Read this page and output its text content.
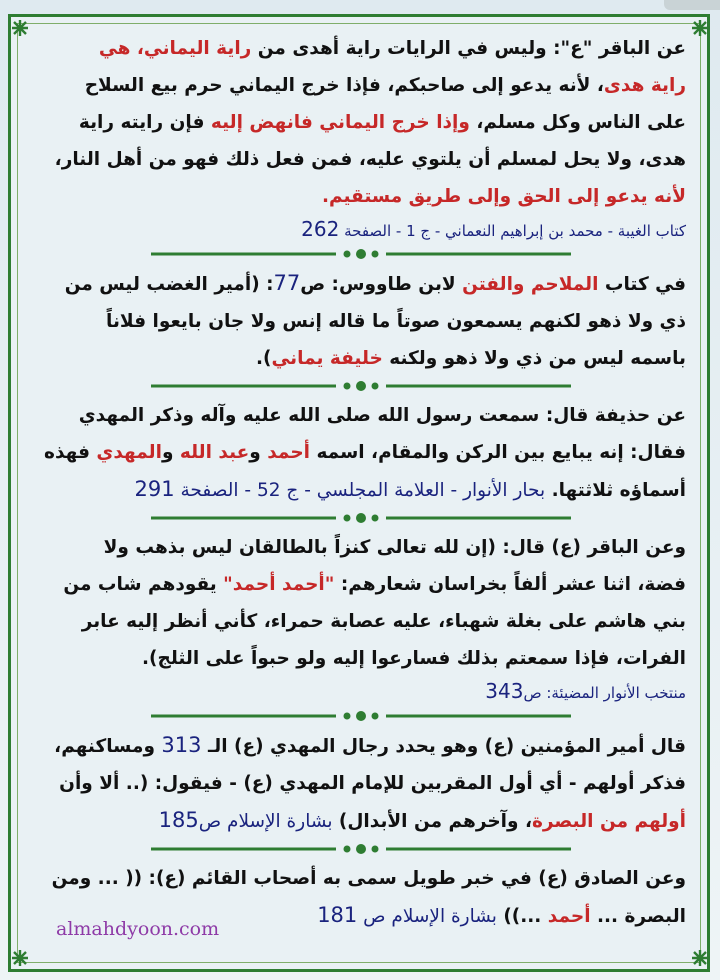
عن الباقر "ع": وليس في الرايات راية أهدى من راية اليماني، هي
راية هدى، لأنه يدعو إلى صاحبكم، فإذا خرج اليماني حرم بيع السلاح
على الناس وكل مسلم، وإذا خرج اليماني فانهض إليه فإن رايته راية
هدى، ولا يحل لمسلم أن يلتوي عليه، فمن فعل ذلك فهو من أهل النار،
لأنه يدعو إلى الحق وإلى طريق مستقيم.
كتاب الغيبة - محمد بن إبراهيم النعماني - ج 1 - الصفحة 262
في كتاب الملاحم والفتن لابن طاووس: ص77: (أمير الغضب ليس من
ذي ولا ذهو لكنهم يسمعون صوتاً ما قاله إنس ولا جان بايعوا فلاناً
باسمه ليس من ذي ولا ذهو ولكنه خليفة يماني).
عن حذيفة قال: سمعت رسول الله صلى الله عليه وآله وذكر المهدي
فقال: إنه يبايع بين الركن والمقام، اسمه أحمد وعبد الله والمهدي فهذه
أسماؤه ثلاثتها. بحار الأنوار - العلامة المجلسي - ج 52 - الصفحة 291
وعن الباقر (ع) قال: (إن لله تعالى كنزاً بالطالقان ليس بذهب ولا
فضة، اثنا عشر ألفاً بخراسان شعارهم: "أحمد أحمد" يقودهم شاب من
بني هاشم على بغلة شهباء، عليه عصابة حمراء، كأني أنظر إليه عابر
الفرات، فإذا سمعتم بذلك فسارعوا إليه ولو حبواً على الثلج).
منتخب الأنوار المضيئة: ص343
قال أمير المؤمنين (ع) وهو يحدد رجال المهدي (ع) الـ 313 ومساكنهم،
فذكر أولهم - أي أول المقربين للإمام المهدي (ع) - فيقول: (.. ألا وأن
أولهم من البصرة، وآخرهم من الأبدال) بشارة الإسلام ص185
وعن الصادق (ع) في خبر طويل سمى به أصحاب القائم (ع): (( ... ومن
البصرة ... أحمد ...)) بشارة الإسلام ص 181
almahdyoon.com
